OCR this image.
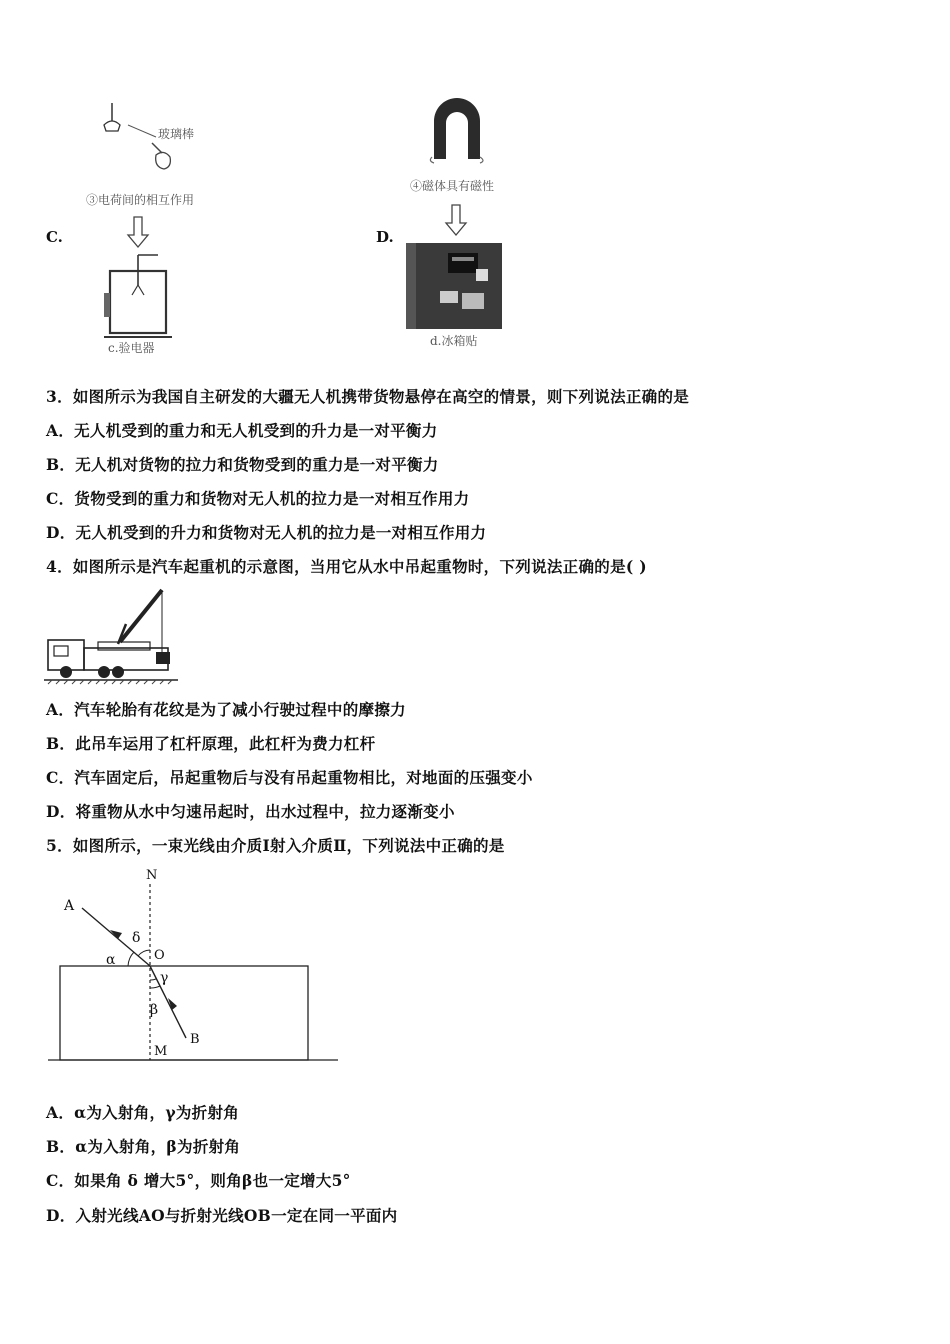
玻璃棒
③电荷间的相互作用
c.验电器
C.
④磁体具有磁性
d.冰箱贴
D.
3．如图所示为我国自主研发的大疆无人机携带货物悬停在高空的情景，则下列说法正确的是
A．无人机受到的重力和无人机受到的升力是一对平衡力
B．无人机对货物的拉力和货物受到的重力是一对平衡力
C．货物受到的重力和货物对无人机的拉力是一对相互作用力
D．无人机受到的升力和货物对无人机的拉力是一对相互作用力
4．如图所示是汽车起重机的示意图，当用它从水中吊起重物时，下列说法正确的是( )
A．汽车轮胎有花纹是为了减小行驶过程中的摩擦力
B．此吊车运用了杠杆原理，此杠杆为费力杠杆
C．汽车固定后，吊起重物后与没有吊起重物相比，对地面的压强变小
D．将重物从水中匀速吊起时，出水过程中，拉力逐渐变小
5．如图所示，一束光线由介质Ⅰ射入介质Ⅱ，下列说法中正确的是
N
A
δ
α	O
γ
β
B
M
A．α为入射角，γ为折射角
B．α为入射角，β为折射角
C．如果角 δ 增大5°，则角β也一定增大5°
D．入射光线AO与折射光线OB一定在同一平面内
